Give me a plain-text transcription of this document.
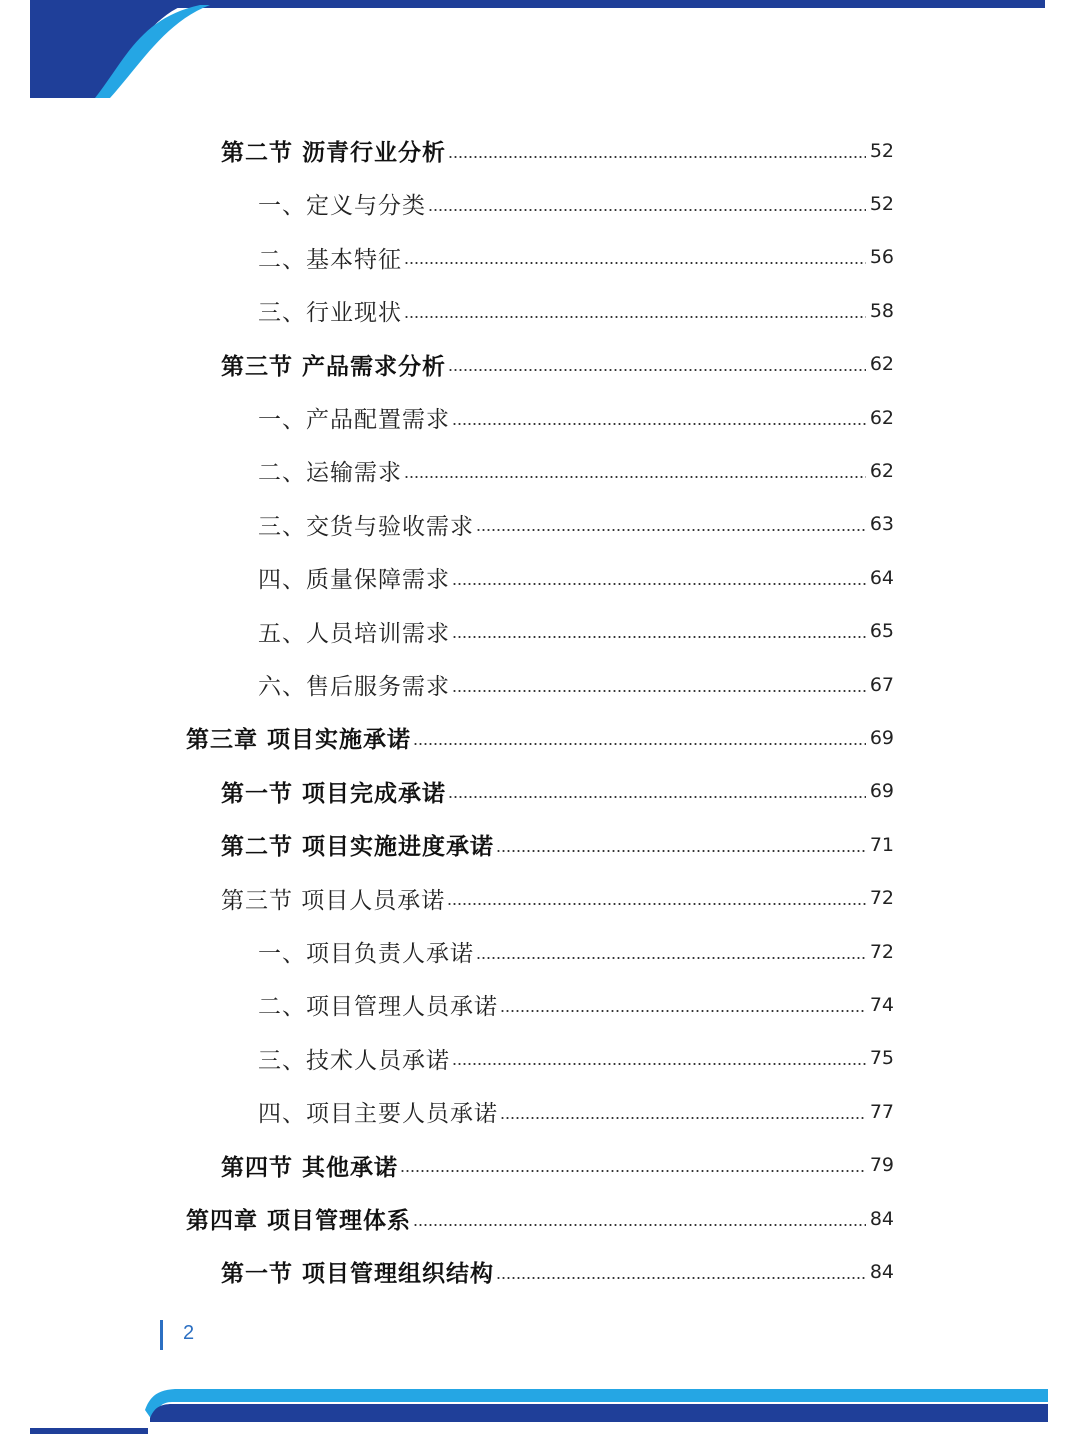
第二节 沥青行业分析	52
一、定义与分类	52
二、基本特征	56
三、行业现状	58
第三节 产品需求分析	62
一、产品配置需求	62
二、运输需求	62
三、交货与验收需求	63
四、质量保障需求	64
五、人员培训需求	65
六、售后服务需求	67
第三章 项目实施承诺	69
第一节 项目完成承诺	69
第二节 项目实施进度承诺	71
第三节 项目人员承诺	72
一、项目负责人承诺	72
二、项目管理人员承诺	74
三、技术人员承诺	75
四、项目主要人员承诺	77
第四节 其他承诺	79
第四章 项目管理体系	84
第一节 项目管理组织结构	84
2
